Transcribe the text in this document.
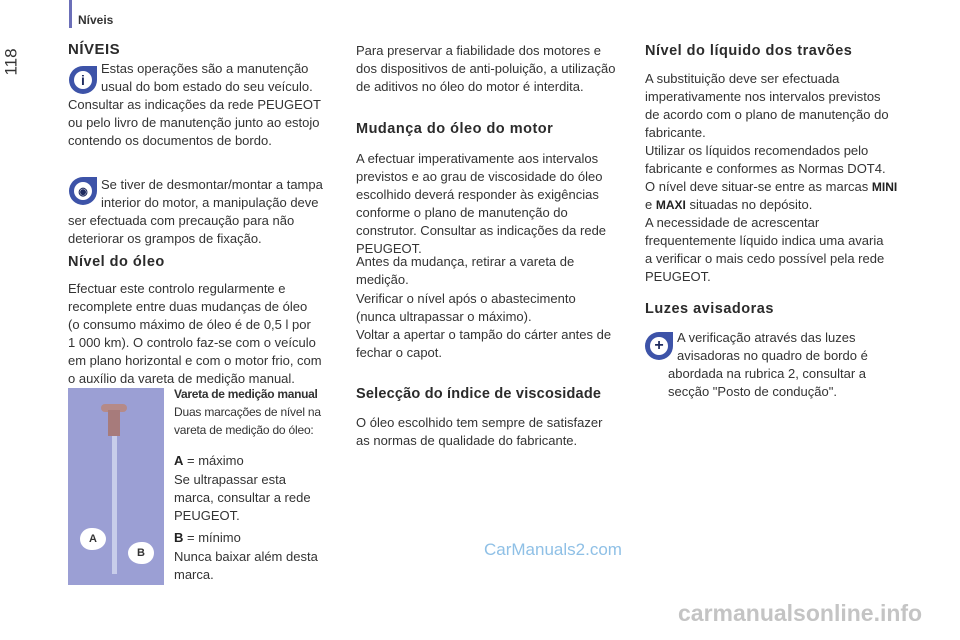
Níveis
118	NÍVEIS
i
Estas operações são a manutenção
usual do bom estado do seu veículo.
Consultar as indicações da rede PEUGEOT
ou pelo livro de manutenção junto ao estojo
contendo os documentos de bordo.
◉	Se tiver de desmontar/montar a tampa
interior do motor, a manipulação deve
ser efectuada com precaução para não
deteriorar os grampos de fixação.
Nível do óleo
Efectuar este controlo regularmente e
recomplete entre duas mudanças de óleo
(o consumo máximo de óleo é de 0,5 l por
1 000 km). O controlo faz-se com o veículo
em plano horizontal e com o motor frio, com
o auxílio da vareta de medição manual.
A
B
Vareta de medição manual
Duas marcações de nível na
vareta de medição do óleo:
A = máximo
Se ultrapassar esta
marca, consultar a rede
PEUGEOT.
B = mínimo
Nunca baixar além desta
marca.
Para preservar a fiabilidade dos motores e
dos dispositivos de anti-poluição, a utilização
de aditivos no óleo do motor é interdita.
Mudança do óleo do motor
A efectuar imperativamente aos intervalos
previstos e ao grau de viscosidade do óleo
escolhido deverá responder às exigências
conforme o plano de manutenção do
construtor. Consultar as indicações da rede
PEUGEOT.
Antes da mudança, retirar a vareta de
medição.
Verificar o nível após o abastecimento
(nunca ultrapassar o máximo).
Voltar a apertar o tampão do cárter antes de
fechar o capot.
Selecção do índice de viscosidade
O óleo escolhido tem sempre de satisfazer
as normas de qualidade do fabricante.
Nível do líquido dos travões
A substituição deve ser efectuada
imperativamente nos intervalos previstos
de acordo com o plano de manutenção do
fabricante.
Utilizar os líquidos recomendados pelo
fabricante e conformes as Normas DOT4.
O nível deve situar-se entre as marcas MINI
e MAXI situadas no depósito.
A necessidade de acrescentar
frequentemente líquido indica uma avaria
a verificar o mais cedo possível pela rede
PEUGEOT.
Luzes avisadoras
+	A verificação através das luzes
avisadoras no quadro de bordo é
abordada na rubrica 2, consultar a
secção "Posto de condução".
CarManuals2.com
carmanualsonline.info
